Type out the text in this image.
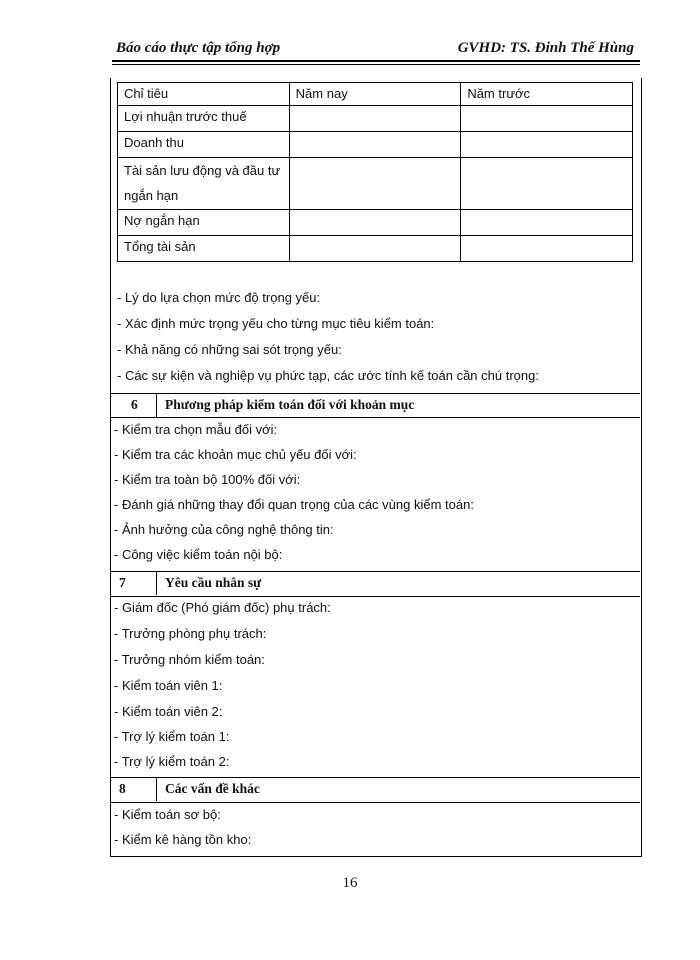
Báo cáo thực tập tổng hợp	GVHD: TS. Đinh Thế Hùng
Chỉ tiêu	Năm nay	Năm trước
Lợi nhuận trước thuế		
Doanh thu		
Tài sản lưu động và đầu tư ngắn hạn		
Nợ ngắn hạn		
Tổng tài sản		
- Lý do lựa chọn mức độ trọng yếu:
- Xác định mức trọng yếu cho từng mục tiêu kiểm toán:
- Khả năng có những sai sót trọng yếu:
- Các sự kiện và nghiệp vụ phức tạp, các ước tính kế toán cần chú trọng:
6 Phương pháp kiểm toán đối với khoản mục
- Kiểm tra chọn mẫu đối với:
- Kiểm tra các khoản mục chủ yếu đối với:
- Kiểm tra toàn bộ 100% đối với:
- Đánh giá những thay đổi quan trọng của các vùng kiểm toán:
- Ảnh hưởng của công nghệ thông tin:
- Công việc kiểm toán nội bộ:
7	Yêu cầu nhân sự
- Giám đốc (Phó giám đốc) phụ trách:
- Trưởng phòng phụ trách:
- Trưởng nhóm kiểm toán:
- Kiểm toán viên 1:
- Kiểm toán viên 2:
- Trợ lý kiểm toán 1:
- Trợ lý kiểm toán 2:
8	Các vấn đề khác
- Kiểm toán sơ bộ:
- Kiểm kê hàng tồn kho:
16
